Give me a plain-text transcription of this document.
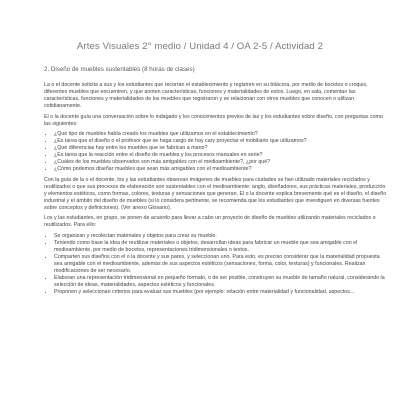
Artes Visuales 2° medio / Unidad 4 / OA 2-5 / Actividad 2
2. Diseño de muebles sustentables (8 horas de clases)

La o el docente solicita a sus y los estudiantes que recorran el establecimiento y registren en su bitácora, por medio de bocetos o croquis, diferentes muebles que encuentren, y que anoten características, funciones y materialidades de estos. Luego, en sala, comentan las características, funciones y materialidades de los muebles que registraron y se relacionan con otros muebles que conocen o utilizan cotidianamente.

El o la docente guía una conversación sobre lo indagado y los conocimientos previos de las y los estudiantes sobre diseño, con preguntas como las siguientes:

• ¿Qué tipo de muebles había creado los muebles que utilizamos en el establecimiento?
• ¿Es tarea que el diseño o el profesor que se haga cargo de hay cary proyectar el mobiliario que utilizamos?
• ¿Qué diferencias hay entre los muebles que se fabrican a mano?
• ¿Es tarea que la reacción entre el diseño de muebles y los procesos manuales en serie?
• ¿Cuáles de los muebles observados son más amigables con el medioambiente?, ¿por qué?
• ¿Cómo podemos diseñar muebles que sean más amigables con el medioambiente?

Con la guía de la o el docente, los y las estudiantes observan imágenes de muebles para ciudades se han utilizado materiales reciclados y reutilizados o que sus procesos de elaboración son sustentables con el medioambiente: anglo, diseñadores, sus prácticas materiales, producción y elementos estéticos, como formas, colores, texturas y sensaciones que generan. El o la docente explica brevemente qué es el diseño, el diseño industrial y el ámbito del diseño de muebles (si lo considera pertinente, se recomienda que los estudiantes que investiguen en diversas fuentes sobre conceptos y definiciones). (Ver anexo Glosario).

Los y las estudiantes, en grupo, se ponen de acuerdo para llevar a cabo un proyecto de diseño de muebles utilizando materiales reciclados o reutilizados. Para ello:

• Se organizan y recolectan materiales y objetos para crear su mueble.
• Teniendo como base la idea de reutilizar materiales u objetos, desarrollan ideas para fabricar un mueble que sea amigable con el medioambiente, por medio de bocetos, representaciones tridimensionales o textos.
• Comparten sus diseños con el o la docente y sus pares, y seleccionan uno. Para esto, es preciso considerar que la materialidad propuesta sea amigable con el medioambiente, además de sus aspectos estéticos (sensaciones, forma, color, texturas) y funcionales. Realizan modificaciones de ser necesario.
• Elaboran una representación tridimensional en pequeño formato, o de ser posible, construyen su mueble de tamaño natural, considerando la selección de ideas, materialidades, aspectos estéticos y funcionales.
• Proponen y seleccionan criterios para evaluar sus muebles (por ejemplo: relación entre materialidad y funcionalidad, aspectos...
